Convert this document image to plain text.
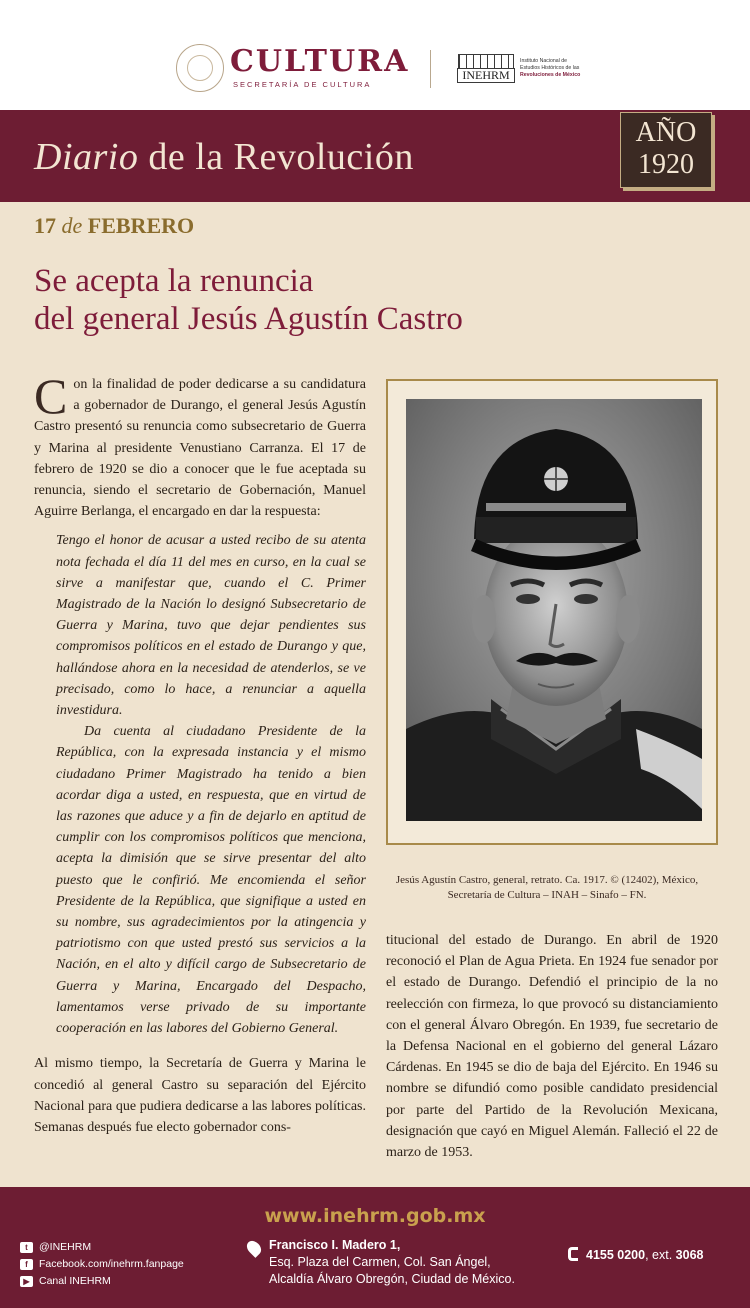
CULTURA
SECRETARÍA DE CULTURA
INEHRM
Instituto Nacional de
Estudios Históricos de las
Revoluciones de México
Diario de la Revolución
AÑO
1920
17 de FEBRERO
Se acepta la renuncia
del general Jesús Agustín Castro

Con la finalidad de poder dedicarse a su candidatura a gobernador de Durango, el general Jesús Agustín Castro presentó su renuncia como subsecretario de Guerra y Marina al presidente Venustiano Carranza. El 17 de febrero de 1920 se dio a conocer que le fue aceptada su renuncia, siendo el secretario de Gobernación, Manuel Aguirre Berlanga, el encargado en dar la respuesta:

Tengo el honor de acusar a usted recibo de su atenta nota fechada el día 11 del mes en curso, en la cual se sirve a manifestar que, cuando el C. Primer Magistrado de la Nación lo designó Subsecretario de Guerra y Marina, tuvo que dejar pendientes sus compromisos políticos en el estado de Durango y que, hallándose ahora en la necesidad de atenderlos, se ve precisado, como lo hace, a renunciar a aquella investidura.

Da cuenta al ciudadano Presidente de la República, con la expresada instancia y el mismo ciudadano Primer Magistrado ha tenido a bien acordar diga a usted, en respuesta, que en virtud de las razones que aduce y a fin de dejarlo en aptitud de cumplir con los compromisos políticos que menciona, acepta la dimisión que se sirve presentar del alto puesto que le confirió. Me encomienda el señor Presidente de la República, que signifique a usted en su nombre, sus agradecimientos por la atingencia y patriotismo con que usted prestó sus servicios a la Nación, en el alto y difícil cargo de Subsecretario de Guerra y Marina, Encargado del Despacho, lamentamos verse privado de su importante cooperación en las labores del Gobierno General.

Al mismo tiempo, la Secretaría de Guerra y Marina le concedió al general Castro su separación del Ejército Nacional para que pudiera dedicarse a las labores políticas. Semanas después fue electo gobernador cons-

Jesús Agustín Castro, general, retrato. Ca. 1917. © (12402), México,
Secretaría de Cultura – INAH – Sinafo – FN.

titucional del estado de Durango. En abril de 1920 reconoció el Plan de Agua Prieta. En 1924 fue senador por el estado de Durango. Defendió el principio de la no reelección con firmeza, lo que provocó su distanciamiento con el general Álvaro Obregón. En 1939, fue secretario de la Defensa Nacional en el gobierno del general Lázaro Cárdenas. En 1945 se dio de baja del Ejército. En 1946 su nombre se difundió como posible candidato presidencial por parte del Partido de la Revolución Mexicana, designación que cayó en Miguel Alemán. Falleció el 22 de marzo de 1953.

www.inehrm.gob.mx
t	@INEHRM
f	Facebook.com/inehrm.fanpage
▶ Canal INEHRM
Francisco I. Madero 1,
Esq. Plaza del Carmen, Col. San Ángel,
Alcaldía Álvaro Obregón, Ciudad de México.
4155 0200, ext. 3068
